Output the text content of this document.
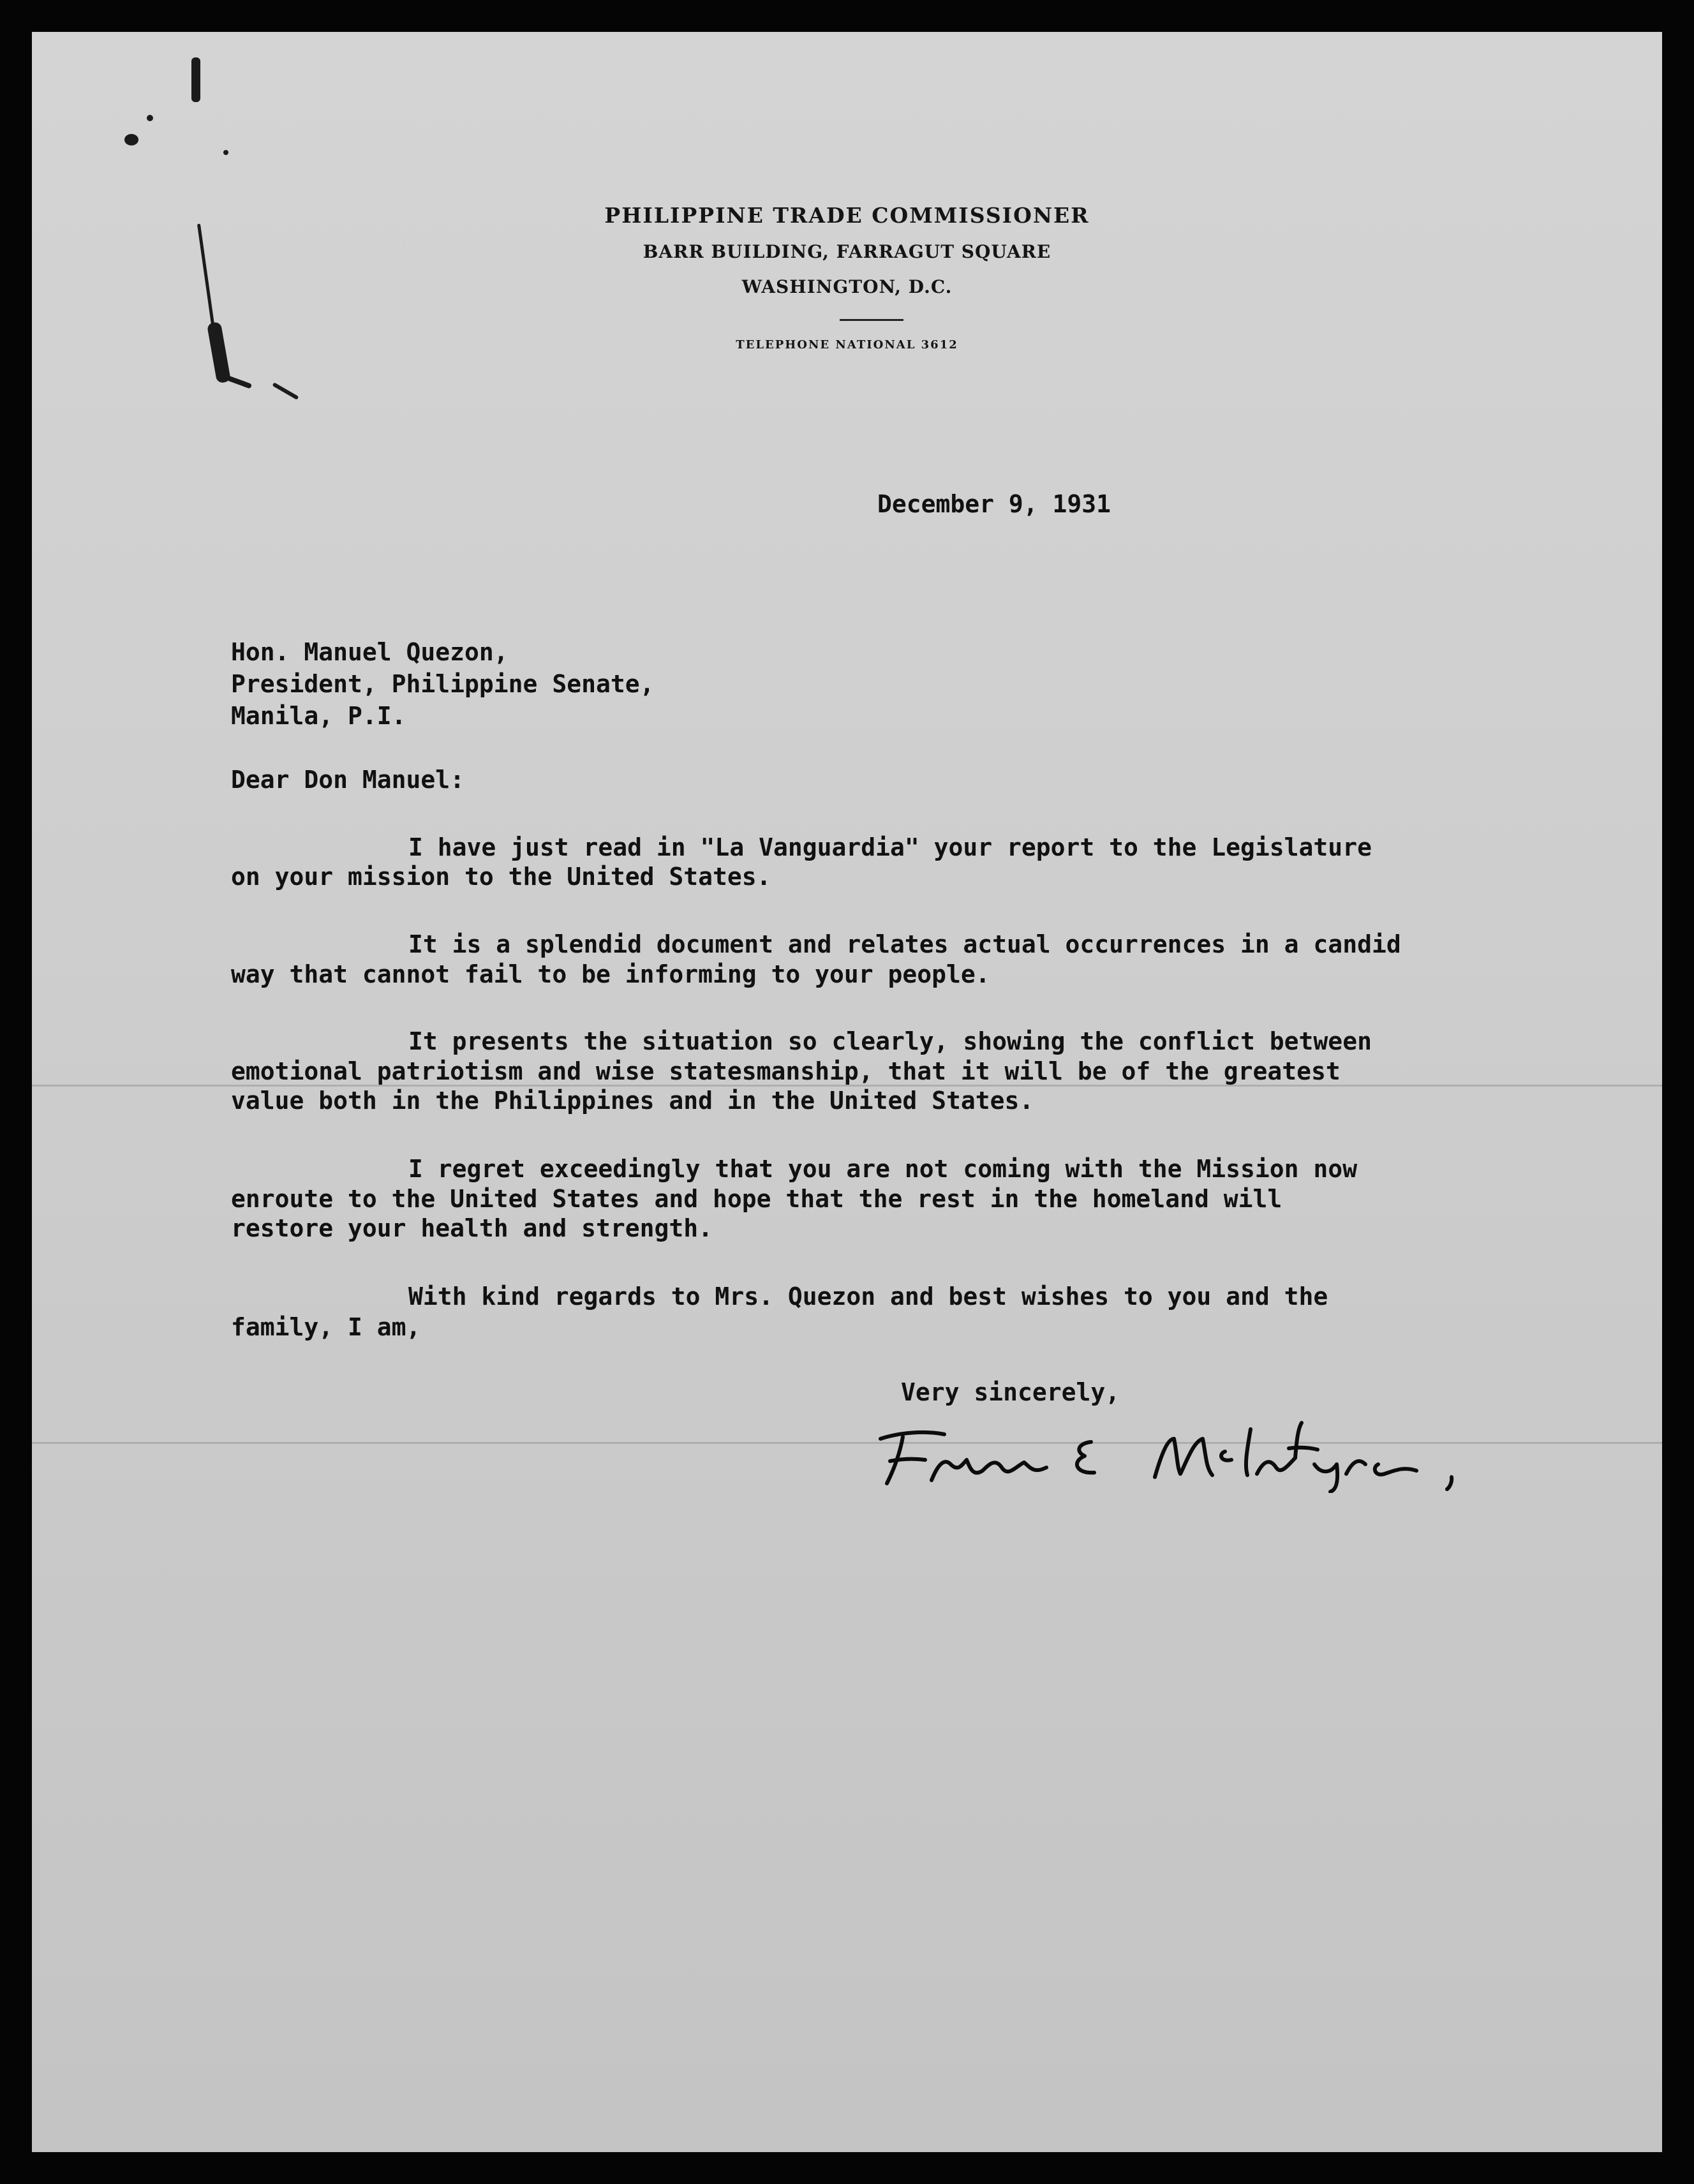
PHILIPPINE TRADE COMMISSIONER
BARR BUILDING, FARRAGUT SQUARE
WASHINGTON, D.C.
TELEPHONE NATIONAL 3612
December 9, 1931
Hon. Manuel Quezon,
President, Philippine Senate,
Manila, P.I.
Dear Don Manuel:
I have just read in "La Vanguardia" your report to the Legislature
on your mission to the United States.
It is a splendid document and relates actual occurrences in a candid
way that cannot fail to be informing to your people.
It presents the situation so clearly, showing the conflict between
emotional patriotism and wise statesmanship, that it will be of the greatest
value both in the Philippines and in the United States.
I regret exceedingly that you are not coming with the Mission now
enroute to the United States and hope that the rest in the homeland will
restore your health and strength.
With kind regards to Mrs. Quezon and best wishes to you and the
family, I am,
Very sincerely,
